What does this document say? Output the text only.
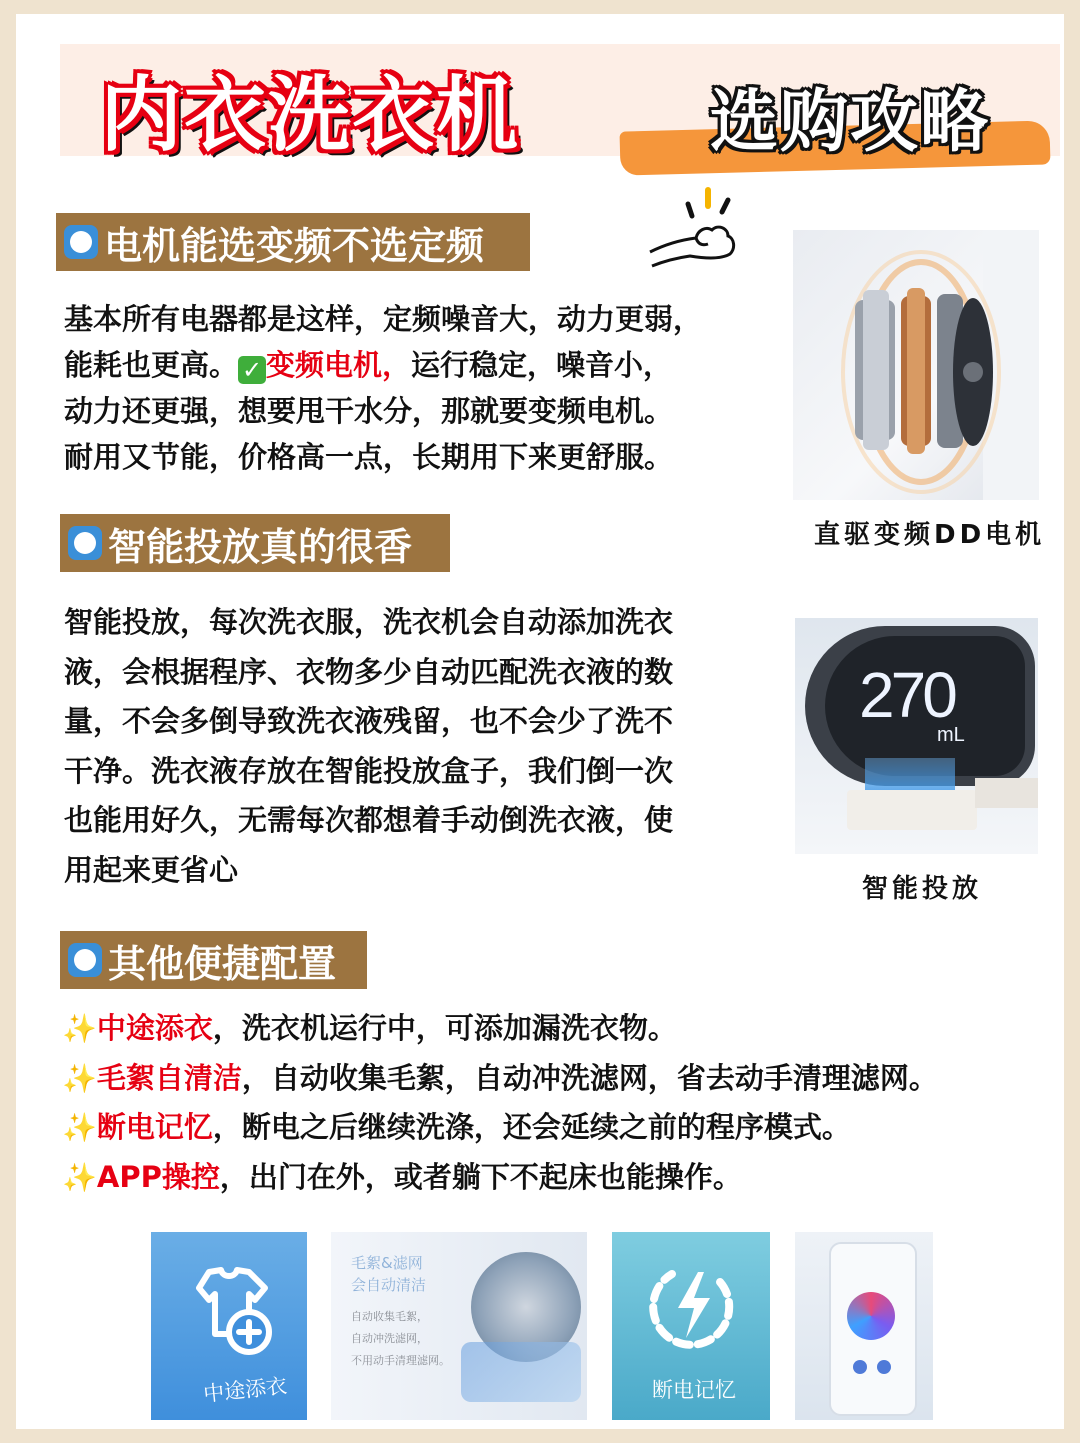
内衣洗衣机	选购攻略
电机能选变频不选定频

基本所有电器都是这样，定频噪音大，动力更弱，

能耗也更高。 ✓ 变频电机，运行稳定，噪音小，

动力还更强，想要甩干水分，那就要变频电机。

耐用又节能，价格高一点，长期用下来更舒服。

直驱变频DD电机
智能投放真的很香

智能投放，每次洗衣服，洗衣机会自动添加洗衣

液，会根据程序、衣物多少自动匹配洗衣液的数

量，不会多倒导致洗衣液残留，也不会少了洗不

干净。洗衣液存放在智能投放盒子，我们倒一次

也能用好久，无需每次都想着手动倒洗衣液，使

用起来更省心

270
mL
智能投放
其他便捷配置
✨中途添衣，洗衣机运行中，可添加漏洗衣物。
✨毛絮自清洁，自动收集毛絮，自动冲洗滤网，省去动手清理滤网。
✨断电记忆，断电之后继续洗涤，还会延续之前的程序模式。
✨APP操控，出门在外，或者躺下不起床也能操作。
中途添衣
毛絮&滤网
会自动清洁
自动收集毛絮，
自动冲洗滤网，
不用动手清理滤网。
断电记忆
